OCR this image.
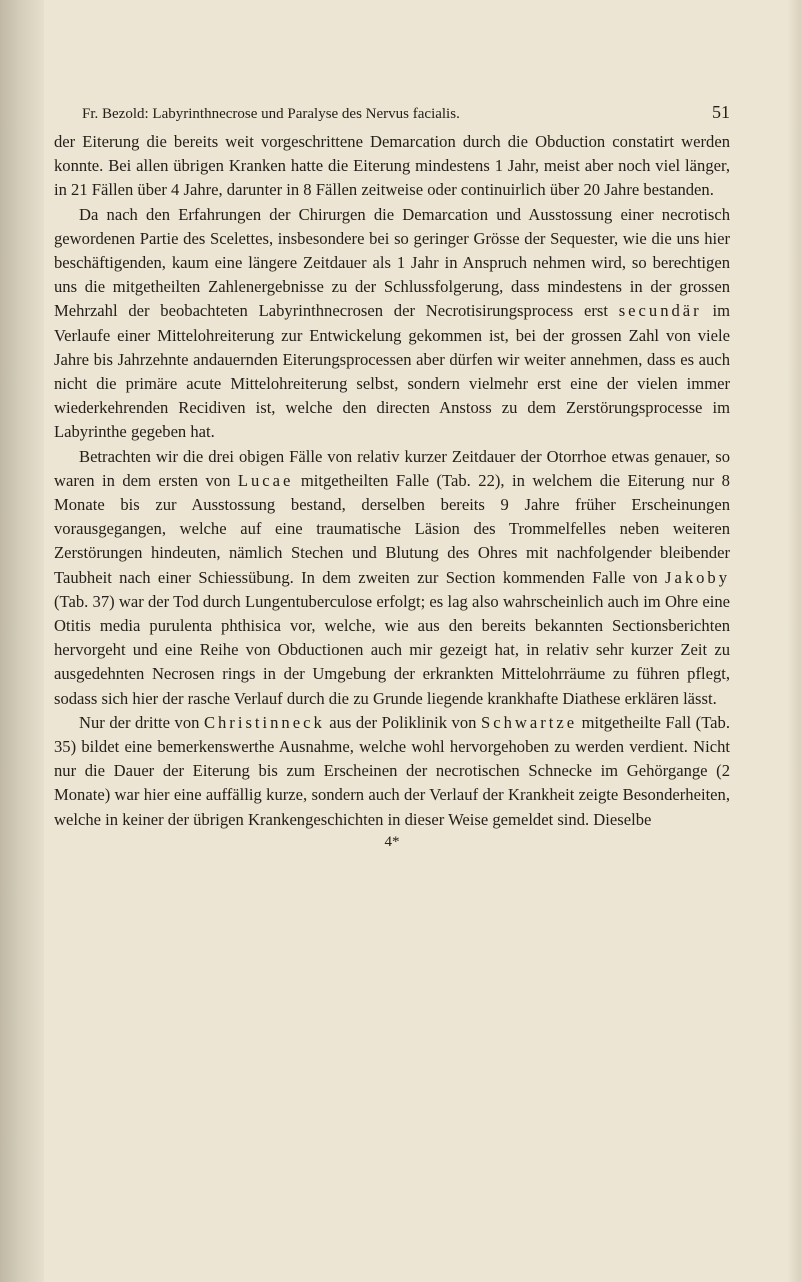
Fr. Bezold: Labyrinthnecrose und Paralyse des Nervus facialis.	51

der Eiterung die bereits weit vorgeschrittene Demarcation durch die Obduction constatirt werden konnte. Bei allen übrigen Kranken hatte die Eiterung mindestens 1 Jahr, meist aber noch viel länger, in 21 Fällen über 4 Jahre, darunter in 8 Fällen zeitweise oder continuirlich über 20 Jahre bestanden.

Da nach den Erfahrungen der Chirurgen die Demarcation und Ausstossung einer necrotisch gewordenen Partie des Scelettes, insbesondere bei so geringer Grösse der Sequester, wie die uns hier beschäftigenden, kaum eine längere Zeitdauer als 1 Jahr in Anspruch nehmen wird, so berechtigen uns die mitgetheilten Zahlenergebnisse zu der Schlussfolgerung, dass mindestens in der grossen Mehrzahl der beobachteten Labyrinthnecrosen der Necrotisirungsprocess erst secundär im Verlaufe einer Mittelohreiterung zur Entwickelung gekommen ist, bei der grossen Zahl von viele Jahre bis Jahrzehnte andauernden Eiterungsprocessen aber dürfen wir weiter annehmen, dass es auch nicht die primäre acute Mittelohreiterung selbst, sondern vielmehr erst eine der vielen immer wiederkehrenden Recidiven ist, welche den directen Anstoss zu dem Zerstörungsprocesse im Labyrinthe gegeben hat.

Betrachten wir die drei obigen Fälle von relativ kurzer Zeitdauer der Otorrhoe etwas genauer, so waren in dem ersten von Lucae mitgetheilten Falle (Tab. 22), in welchem die Eiterung nur 8 Monate bis zur Ausstossung bestand, derselben bereits 9 Jahre früher Erscheinungen vorausgegangen, welche auf eine traumatische Läsion des Trommelfelles neben weiteren Zerstörungen hindeuten, nämlich Stechen und Blutung des Ohres mit nachfolgender bleibender Taubheit nach einer Schiessübung. In dem zweiten zur Section kommenden Falle von Jakoby (Tab. 37) war der Tod durch Lungentuberculose erfolgt; es lag also wahrscheinlich auch im Ohre eine Otitis media purulenta phthisica vor, welche, wie aus den bereits bekannten Sectionsberichten hervorgeht und eine Reihe von Obductionen auch mir gezeigt hat, in relativ sehr kurzer Zeit zu ausgedehnten Necrosen rings in der Umgebung der erkrankten Mittelohrräume zu führen pflegt, sodass sich hier der rasche Verlauf durch die zu Grunde liegende krankhafte Diathese erklären lässt.

Nur der dritte von Christinneck aus der Poliklinik von Schwartze mitgetheilte Fall (Tab. 35) bildet eine bemerkenswerthe Ausnahme, welche wohl hervorgehoben zu werden verdient. Nicht nur die Dauer der Eiterung bis zum Erscheinen der necrotischen Schnecke im Gehörgange (2 Monate) war hier eine auffällig kurze, sondern auch der Verlauf der Krankheit zeigte Besonderheiten, welche in keiner der übrigen Krankengeschichten in dieser Weise gemeldet sind. Dieselbe

4*
